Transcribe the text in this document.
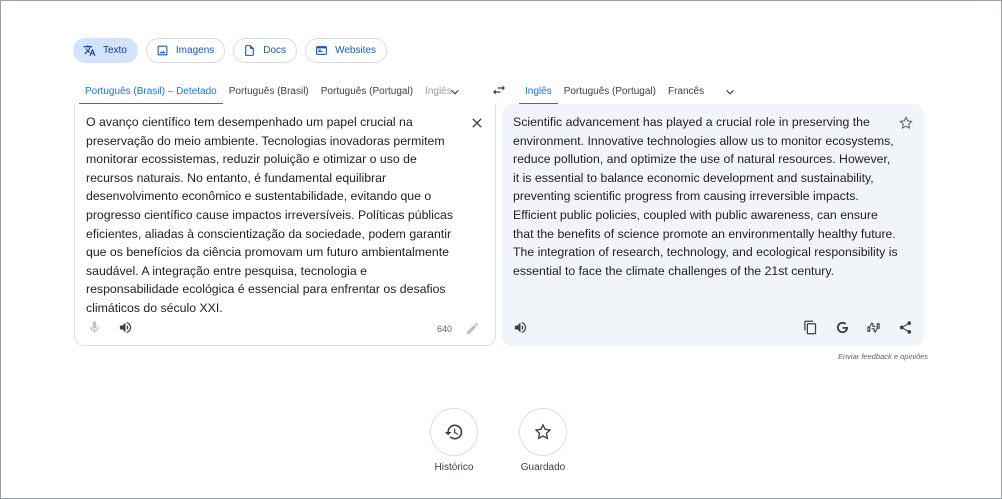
Texto	Imagens	Docs	Websites
Português (Brasil) – Detetado	Português (Brasil)	Português (Portugal)	Inglês	Inglês	Português (Portugal)	Francês
O avanço científico tem desempenhado um papel crucial na preservação do meio ambiente. Tecnologias inovadoras permitem monitorar ecossistemas, reduzir poluição e otimizar o uso de recursos naturais. No entanto, é fundamental equilibrar desenvolvimento econômico e sustentabilidade, evitando que o progresso científico cause impactos irreversíveis. Políticas públicas eficientes, aliadas à conscientização da sociedade, podem garantir que os benefícios da ciência promovam um futuro ambientalmente saudável. A integração entre pesquisa, tecnologia e responsabilidade ecológica é essencial para enfrentar os desafios climáticos do século XXI.
640
Scientific advancement has played a crucial role in preserving the environment. Innovative technologies allow us to monitor ecosystems, reduce pollution, and optimize the use of natural resources. However, it is essential to balance economic development and sustainability, preventing scientific progress from causing irreversible impacts. Efficient public policies, coupled with public awareness, can ensure that the benefits of science promote an environmentally healthy future. The integration of research, technology, and ecological responsibility is essential to face the climate challenges of the 21st century.
Enviar feedback e opiniões
Histórico	Guardado
